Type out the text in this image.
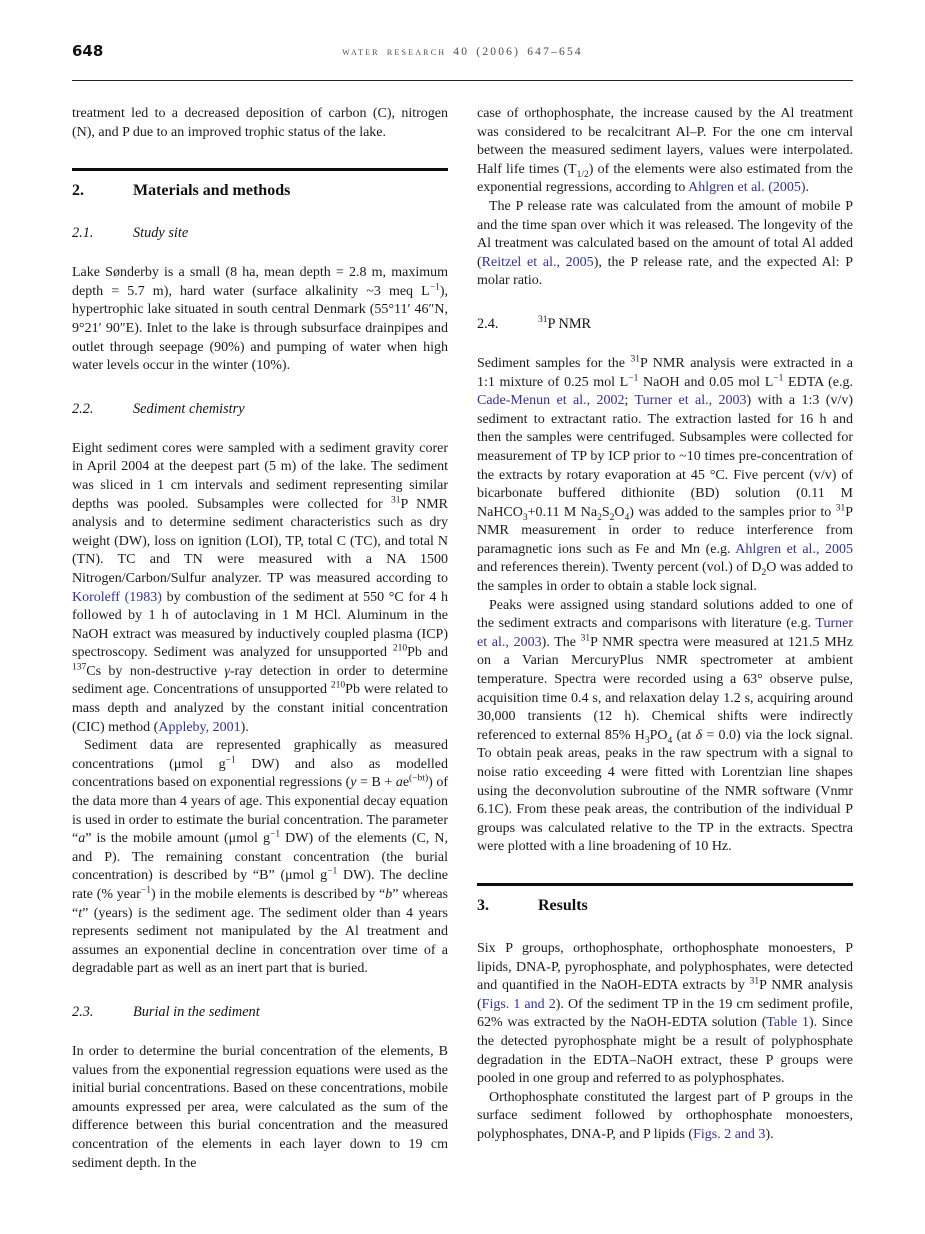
648	water research 40 (2006) 647–654

treatment led to a decreased deposition of carbon (C), nitrogen (N), and P due to an improved trophic status of the lake.

2.	Materials and methods
2.1.	Study site

Lake Sønderby is a small (8 ha, mean depth = 2.8 m, maximum depth = 5.7 m), hard water (surface alkalinity ~3 meq $L^{-1}$), hypertrophic lake situated in south central Denmark (55°11′ 46″N, 9°21′ 90″E). Inlet to the lake is through subsurface drainpipes and outlet through seepage (90%) and pumping of water when high water levels occur in the winter (10%).

2.2.	Sediment chemistry

Eight sediment cores were sampled with a sediment gravity corer in April 2004 at the deepest part (5 m) of the lake. The sediment was sliced in 1 cm intervals and sediment representing similar depths was pooled. Subsamples were collected for $^{31}$P NMR analysis and to determine sediment characteristics such as dry weight (DW), loss on ignition (LOI), TP, total C (TC), and total N (TN). TC and TN were measured with a NA 1500 Nitrogen/Carbon/Sulfur analyzer. TP was measured according to Koroleff (1983) by combustion of the sediment at 550 °C for 4 h followed by 1 h of autoclaving in 1 M HCl. Aluminum in the NaOH extract was measured by inductively coupled plasma (ICP) spectroscopy. Sediment was analyzed for unsupported $^{210}$Pb and $^{137}$Cs by non-destructive γ-ray detection in order to determine sediment age. Concentrations of unsupported $^{210}$Pb were related to mass depth and analyzed by the constant initial concentration (CIC) method (Appleby, 2001).

Sediment data are represented graphically as measured concentrations (μmol $g^{-1}$ DW) and also as modelled concentrations based on exponential regressions $(y = B + ae^{(-bt)})$ of the data more than 4 years of age. This exponential decay equation is used in order to estimate the burial concentration. The parameter “a” is the mobile amount (μmol $g^{-1}$ DW) of the elements (C, N, and P). The remaining constant concentration (the burial concentration) is described by “B” (μmol $g^{-1}$ DW). The decline rate (% year$^{-1}$) in the mobile elements is described by “b” whereas “t” (years) is the sediment age. The sediment older than 4 years represents sediment not manipulated by the Al treatment and assumes an exponential decline in concentration over time of a degradable part as well as an inert part that is buried.

2.3.	Burial in the sediment

In order to determine the burial concentration of the elements, B values from the exponential regression equations were used as the initial burial concentrations. Based on these concentrations, mobile amounts expressed per area, were calculated as the sum of the difference between this burial concentration and the measured concentration of the elements in each layer down to 19 cm sediment depth. In the

case of orthophosphate, the increase caused by the Al treatment was considered to be recalcitrant Al–P. For the one cm interval between the measured sediment layers, values were interpolated. Half life times $(T_{1/2})$ of the elements were also estimated from the exponential regressions, according to Ahlgren et al. (2005).

The P release rate was calculated from the amount of mobile P and the time span over which it was released. The longevity of the Al treatment was calculated based on the amount of total Al added (Reitzel et al., 2005), the P release rate, and the expected Al: P molar ratio.

2.4.	$^{31}$P NMR

Sediment samples for the $^{31}$P NMR analysis were extracted in a 1:1 mixture of 0.25 mol $L^{-1}$ NaOH and 0.05 mol $L^{-1}$ EDTA (e.g. Cade-Menun et al., 2002; Turner et al., 2003) with a 1:3 (v/v) sediment to extractant ratio. The extraction lasted for 16 h and then the samples were centrifuged. Subsamples were collected for measurement of TP by ICP prior to ~10 times pre-concentration of the extracts by rotary evaporation at 45 °C. Five percent (v/v) of bicarbonate buffered dithionite (BD) solution (0.11 M NaHCO$_3$+0.11 M $Na_2S_2O_4$) was added to the samples prior to $^{31}$P NMR measurement in order to reduce interference from paramagnetic ions such as Fe and Mn (e.g. Ahlgren et al., 2005 and references therein). Twenty percent (vol.) of $D_2O$ was added to the samples in order to obtain a stable lock signal.

Peaks were assigned using standard solutions added to one of the sediment extracts and comparisons with literature (e.g. Turner et al., 2003). The $^{31}$P NMR spectra were measured at 121.5 MHz on a Varian MercuryPlus NMR spectrometer at ambient temperature. Spectra were recorded using a 63° observe pulse, acquisition time 0.4 s, and relaxation delay 1.2 s, acquiring around 30,000 transients (12 h). Chemical shifts were indirectly referenced to external 85% $H_3PO_4$ (at δ = 0.0) via the lock signal. To obtain peak areas, peaks in the raw spectrum with a signal to noise ratio exceeding 4 were fitted with Lorentzian line shapes using the deconvolution subroutine of the NMR software (Vnmr 6.1C). From these peak areas, the contribution of the individual P groups was calculated relative to the TP in the extracts. Spectra were plotted with a line broadening of 10 Hz.

3.	Results

Six P groups, orthophosphate, orthophosphate monoesters, P lipids, DNA-P, pyrophosphate, and polyphosphates, were detected and quantified in the NaOH-EDTA extracts by $^{31}$P NMR analysis (Figs. 1 and 2). Of the sediment TP in the 19 cm sediment profile, 62% was extracted by the NaOH-EDTA solution (Table 1). Since the detected pyrophosphate might be a result of polyphosphate degradation in the EDTA–NaOH extract, these P groups were pooled in one group and referred to as polyphosphates.

Orthophosphate constituted the largest part of P groups in the surface sediment followed by orthophosphate monoesters, polyphosphates, DNA-P, and P lipids (Figs. 2 and 3).
